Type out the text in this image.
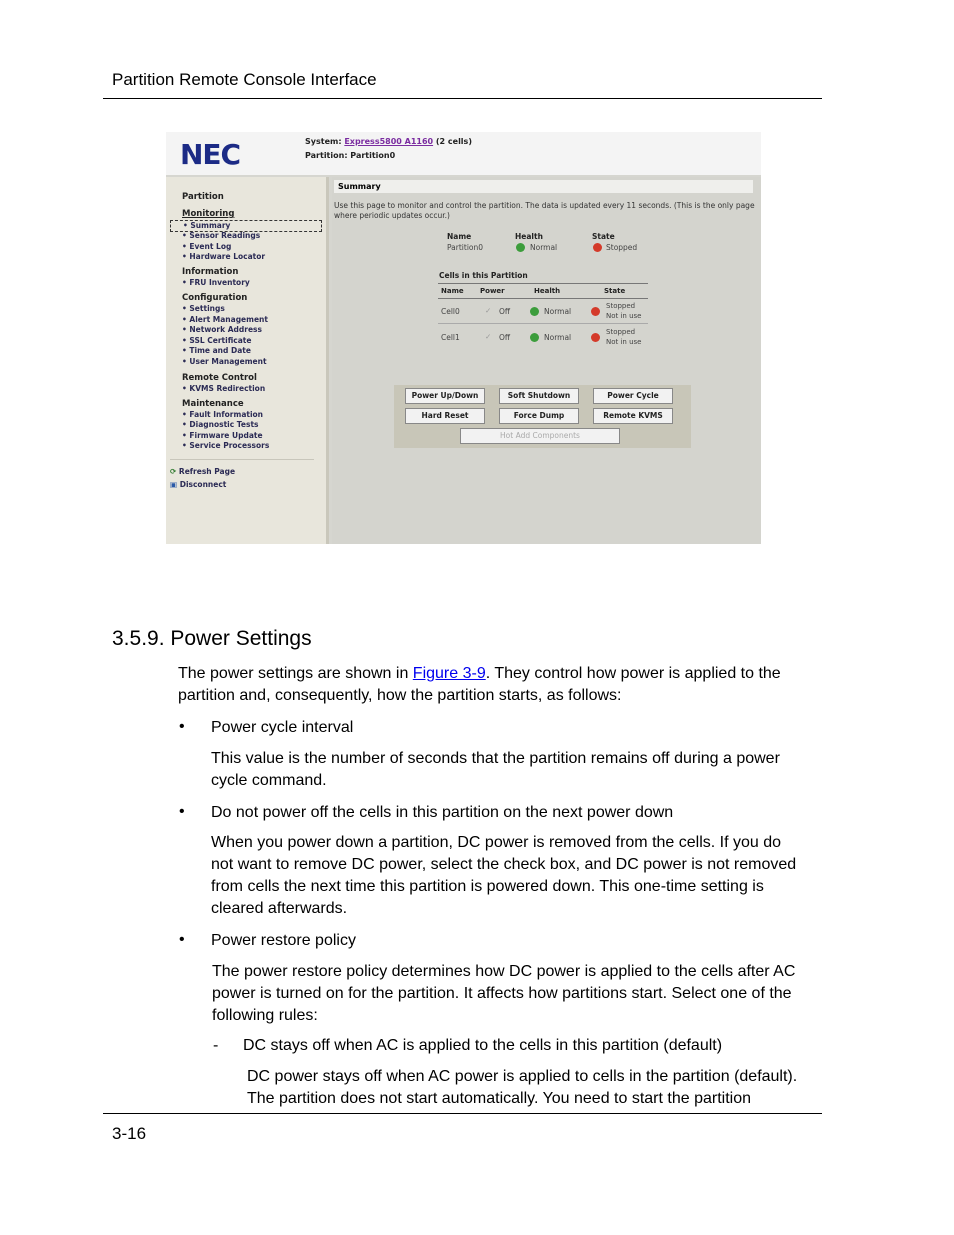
Partition Remote Console Interface
NEC	System: Express5800 A1160 (2 cells)
Partition: Partition0
Partition
Monitoring
• Summary
• Sensor Readings
• Event Log
• Hardware Locator
Information
• FRU Inventory
Configuration
• Settings
• Alert Management
• Network Address
• SSL Certificate
• Time and Date
• User Management
Remote Control
• KVMS Redirection
Maintenance
• Fault Information
• Diagnostic Tests
• Firmware Update
• Service Processors
⟳ Refresh Page
▣ Disconnect
Summary
Use this page to monitor and control the partition. The data is updated every 11 seconds. (This is the only page
where periodic updates occur.)
Name	Health	State
Partition0	Normal	Stopped
Cells in this Partition
Name Power	Health	State
Cell0	✓ Off	Normal
Stopped
Not in use
Cell1	✓ Off	Normal
Stopped
Not in use
Power Up/Down	Soft Shutdown	Power Cycle
Hard Reset	Force Dump	Remote KVMS
Hot Add Components
3.5.9. Power Settings
The power settings are shown in Figure 3-9. They control how power is applied to the
partition and, consequently, how the partition starts, as follows:
• Power cycle interval
This value is the number of seconds that the partition remains off during a power
cycle command.
• Do not power off the cells in this partition on the next power down
When you power down a partition, DC power is removed from the cells. If you do
not want to remove DC power, select the check box, and DC power is not removed
from cells the next time this partition is powered down. This one-time setting is
cleared afterwards.
• Power restore policy
The power restore policy determines how DC power is applied to the cells after AC
power is turned on for the partition. It affects how partitions start. Select one of the
following rules:
- DC stays off when AC is applied to the cells in this partition (default)
DC power stays off when AC power is applied to cells in the partition (default).
The partition does not start automatically. You need to start the partition
3-16
